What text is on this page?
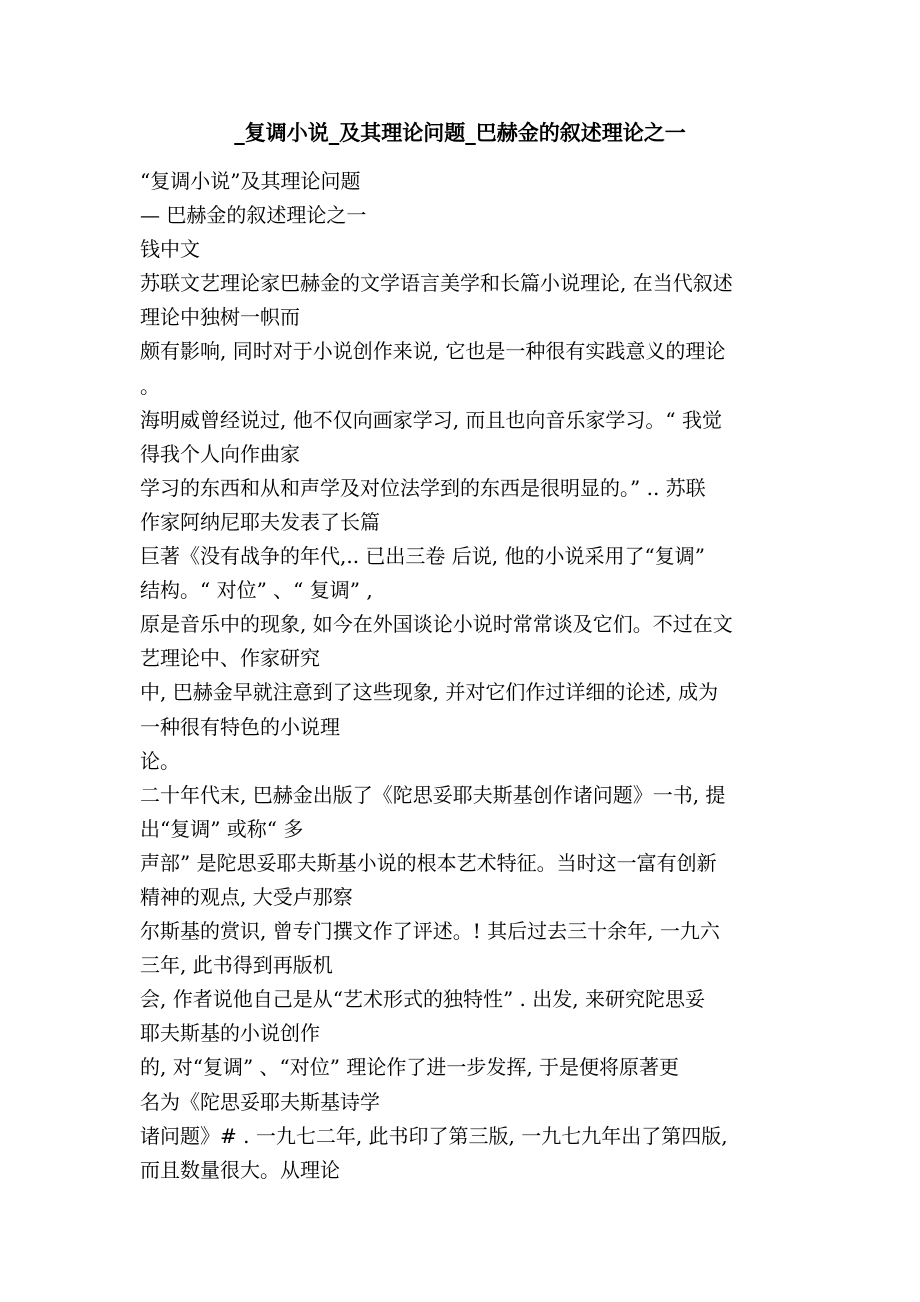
_复调小说_及其理论问题_巴赫金的叙述理论之一
“复调小说”及其理论问题
— 巴赫金的叙述理论之一
钱中文
苏联文艺理论家巴赫金的文学语言美学和长篇小说理论, 在当代叙述
理论中独树一帜而
颇有影响, 同时对于小说创作来说, 它也是一种很有实践意义的理论
。
海明威曾经说过, 他不仅向画家学习, 而且也向音乐家学习。“ 我觉
得我个人向作曲家
学习的东西和从和声学及对位法学到的东西是很明显的。” .. 苏联
作家阿纳尼耶夫发表了长篇
巨著《没有战争的年代,.. 已出三卷 后说, 他的小说采用了“复调”
结构。“ 对位” 、“ 复调” ,
原是音乐中的现象, 如今在外国谈论小说时常常谈及它们。不过在文
艺理论中、作家研究
中, 巴赫金早就注意到了这些现象, 并对它们作过详细的论述, 成为
一种很有特色的小说理
论。
二十年代末, 巴赫金出版了《陀思妥耶夫斯基创作诸问题》一书, 提
出“复调” 或称“ 多
声部” 是陀思妥耶夫斯基小说的根本艺术特征。当时这一富有创新
精神的观点, 大受卢那察
尔斯基的赏识, 曾专门撰文作了评述。! 其后过去三十余年, 一九六
三年, 此书得到再版机
会, 作者说他自己是从“艺术形式的独特性” . 出发, 来研究陀思妥
耶夫斯基的小说创作
的, 对“复调” 、“对位” 理论作了进一步发挥, 于是便将原著更
名为《陀思妥耶夫斯基诗学
诸问题》# . 一九七二年, 此书印了第三版, 一九七九年出了第四版,
而且数量很大。从理论
